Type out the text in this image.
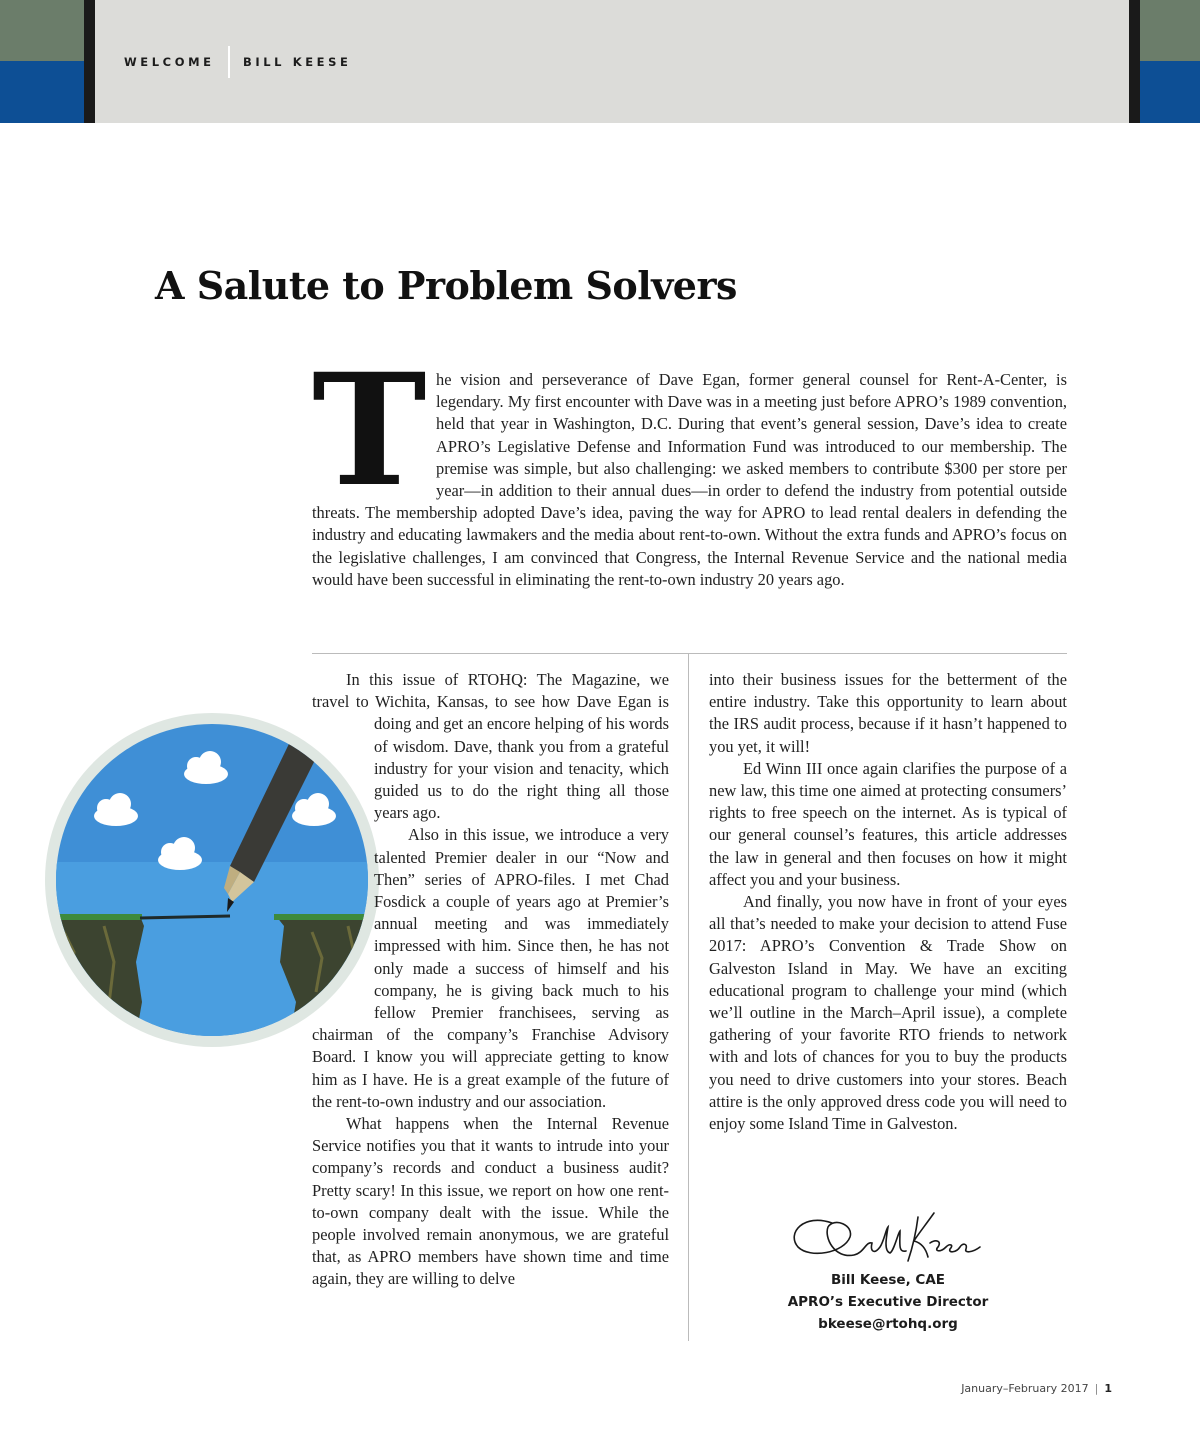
WELCOME BILL KEESE
A Salute to Problem Solvers
T he vision and perseverance of Dave Egan, former general counsel for Rent-A-Center, is legendary. My first encounter with Dave was in a meeting just before APRO’s 1989 convention, held that year in Washington, D.C. During that event’s general session, Dave’s idea to create APRO’s Legislative Defense and Information Fund was introduced to our membership. The premise was simple, but also challenging: we asked members to contribute $300 per store per year—in addition to their annual dues—in order to defend the industry from potential outside threats. The membership adopted Dave’s idea, paving the way for APRO to lead rental dealers in defending the industry and educating lawmakers and the media about rent-to-own. Without the extra funds and APRO’s focus on the legislative challenges, I am convinced that Congress, the Internal Revenue Service and the national media would have been successful in eliminating the rent-to-own industry 20 years ago.

In this issue of RTOHQ: The Magazine, we travel to Wichita, Kansas, to see how Dave Egan is doing and get an encore helping of his words of wisdom. Dave, thank you from a grateful industry for your vision and tenacity, which guided us to do the right thing all those years ago.

Also in this issue, we introduce a very talented Premier dealer in our “Now and Then” series of APRO-files. I met Chad Fosdick a couple of years ago at Premier’s annual meeting and was immediately impressed with him. Since then, he has not only made a success of himself and his company, he is giving back much to his fellow Premier franchisees, serving as chairman of the company’s Franchise Advisory Board. I know you will appreciate getting to know him as I have. He is a great example of the future of the rent-to-own industry and our association.

What happens when the Internal Revenue Service notifies you that it wants to intrude into your company’s records and conduct a business audit? Pretty scary! In this issue, we report on how one rent-to-own company dealt with the issue. While the people involved remain anonymous, we are grateful that, as APRO members have shown time and time again, they are willing to delve

into their business issues for the betterment of the entire industry. Take this opportunity to learn about the IRS audit process, because if it hasn’t happened to you yet, it will!

Ed Winn III once again clarifies the purpose of a new law, this time one aimed at protecting consumers’ rights to free speech on the internet. As is typical of our general counsel’s features, this article addresses the law in general and then focuses on how it might affect you and your business.

And finally, you now have in front of your eyes all that’s needed to make your decision to attend Fuse 2017: APRO’s Convention & Trade Show on Galveston Island in May. We have an exciting educational program to challenge your mind (which we’ll outline in the March–April issue), a complete gathering of your favorite RTO friends to network with and lots of chances for you to buy the products you need to drive customers into your stores. Beach attire is the only approved dress code you will need to enjoy some Island Time in Galveston.

Bill Keese, CAE
APRO’s Executive Director
bkeese@rtohq.org
January–February 2017 | 1
